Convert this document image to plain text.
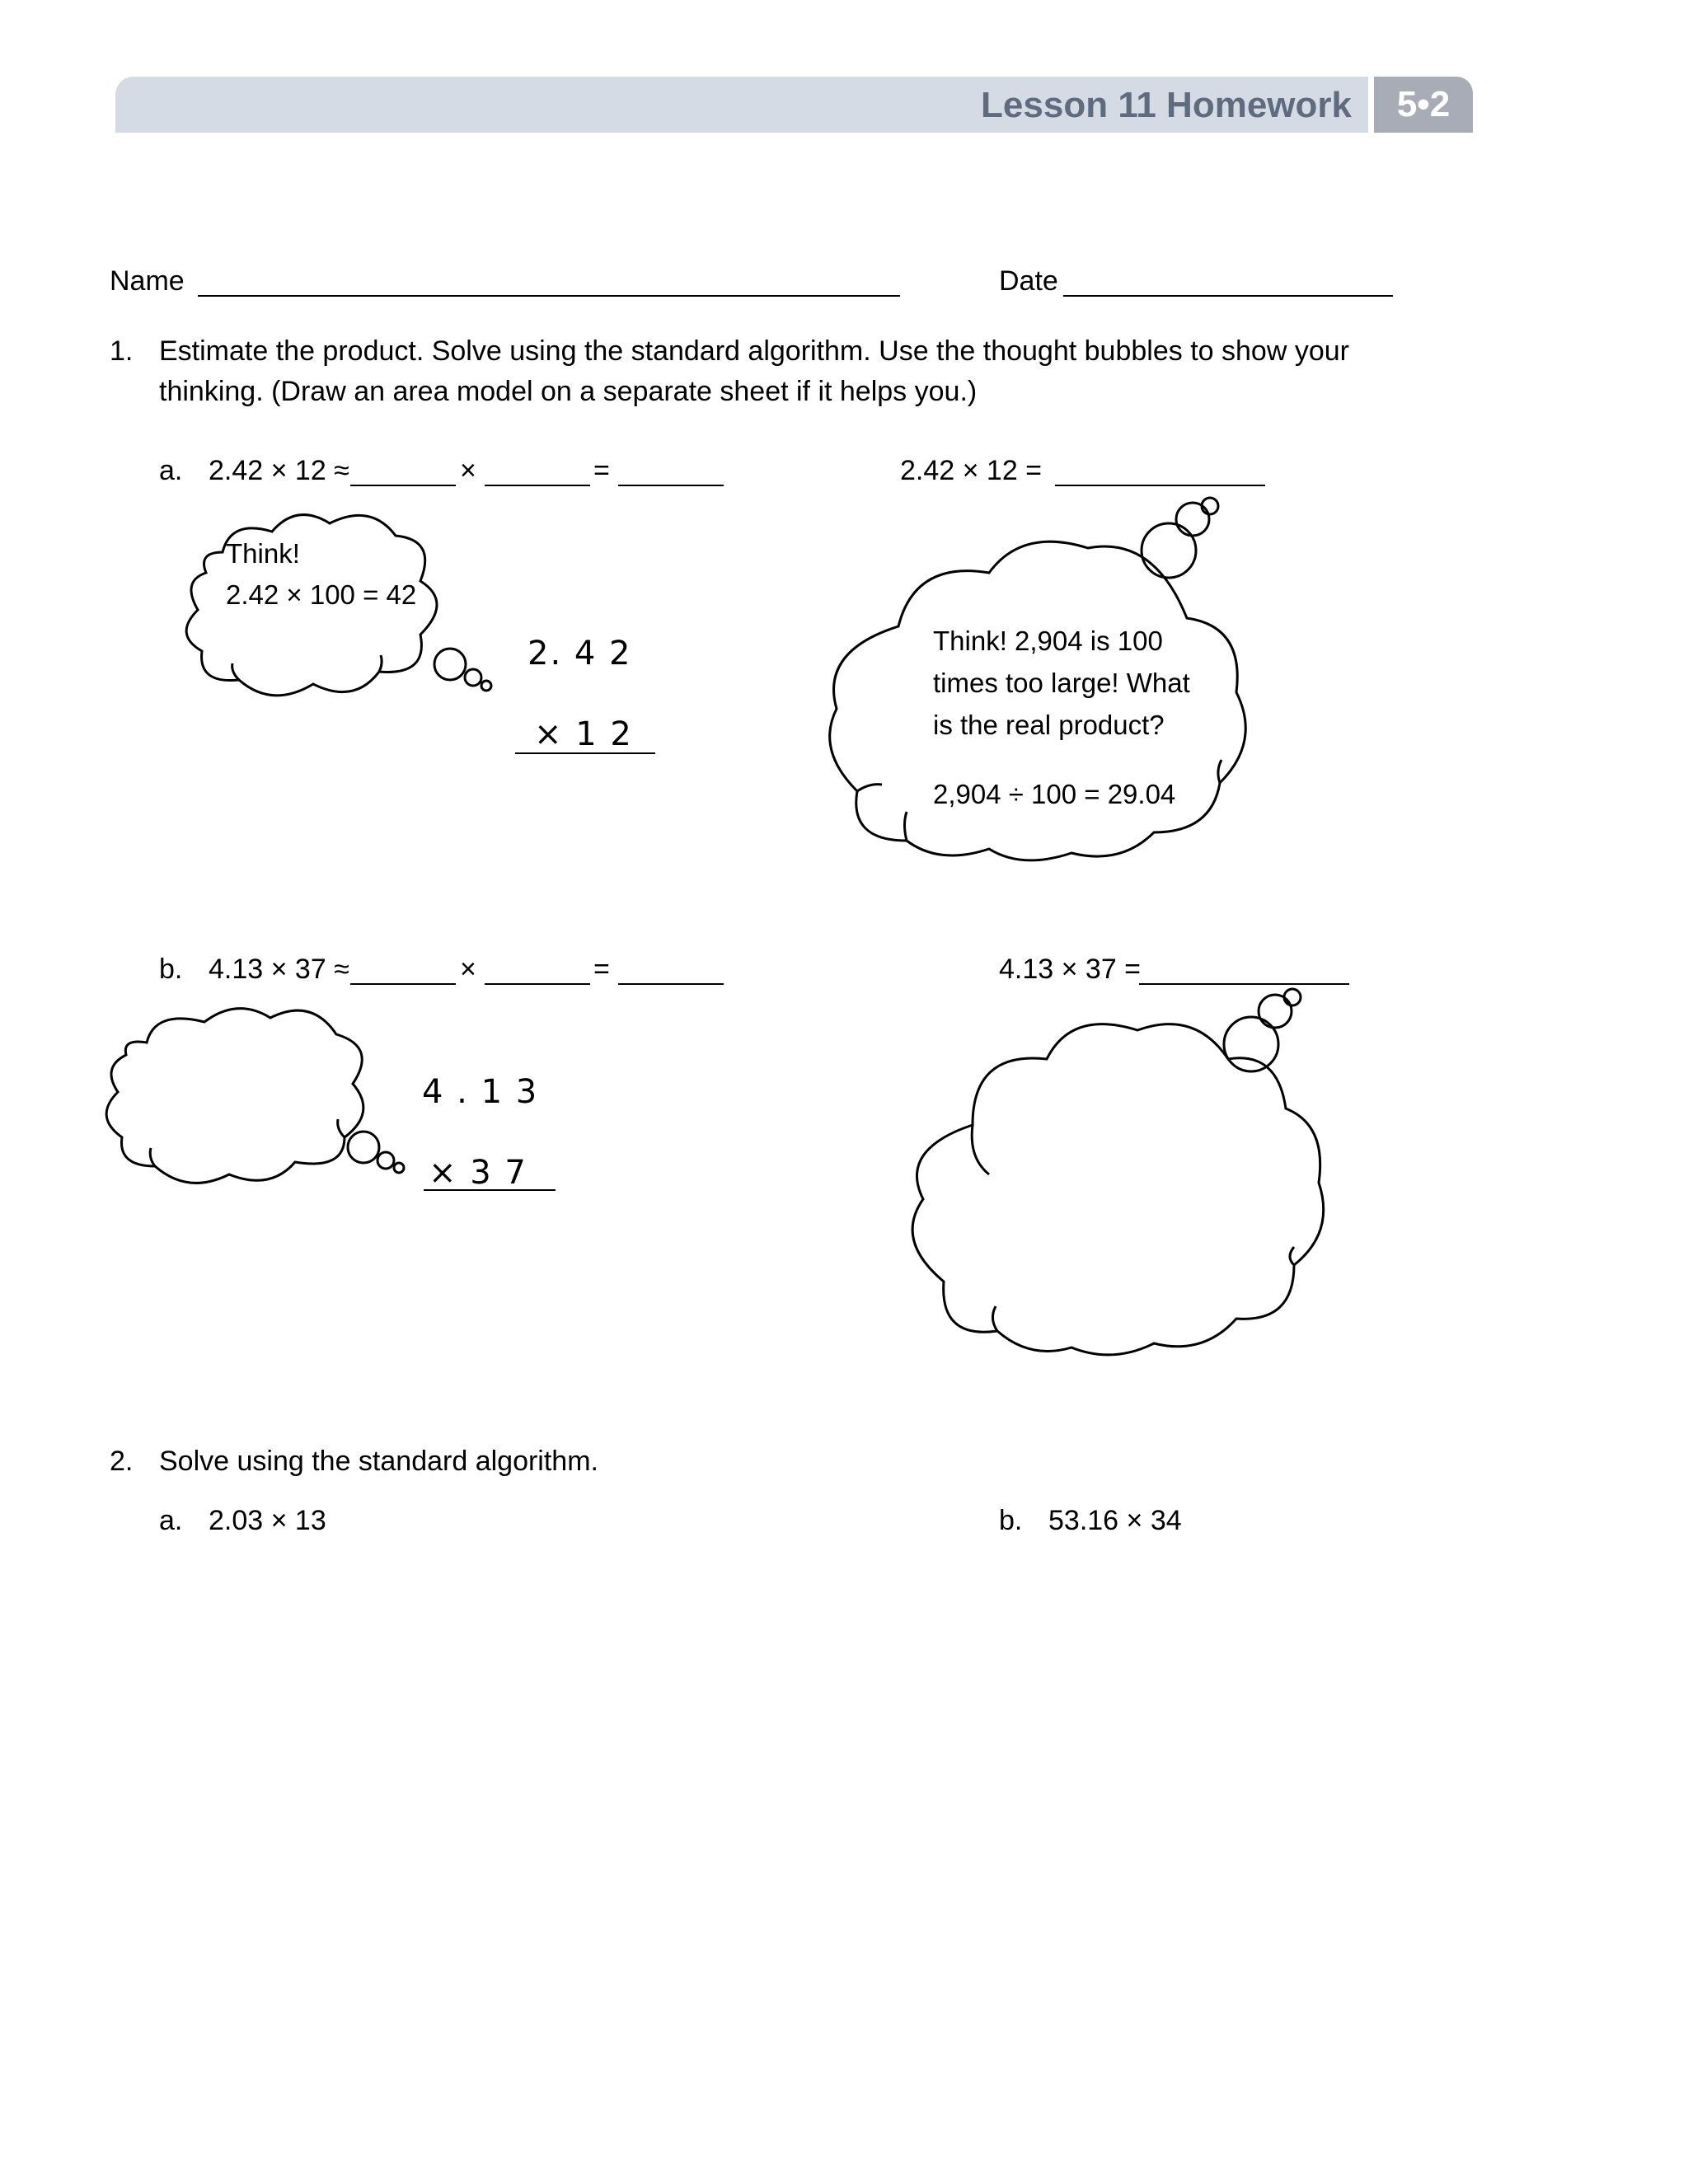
Lesson 11 Homework	5•2
Name	Date
1. Estimate the product. Solve using the standard algorithm. Use the thought bubbles to show your
thinking. (Draw an area model on a separate sheet if it helps you.)
a. 2.42 × 12 ≈	×	=	2.42 × 12 =
Think!
2.42 × 100 = 42
2. 4 2
× 1 2
Think! 2,904 is 100
times too large! What
is the real product?
2,904 ÷ 100 = 29.04
b. 4.13 × 37 ≈	×	=	4.13 × 37 =
4 . 1 3
× 3 7
2. Solve using the standard algorithm.
a. 2.03 × 13	b. 53.16 × 34
